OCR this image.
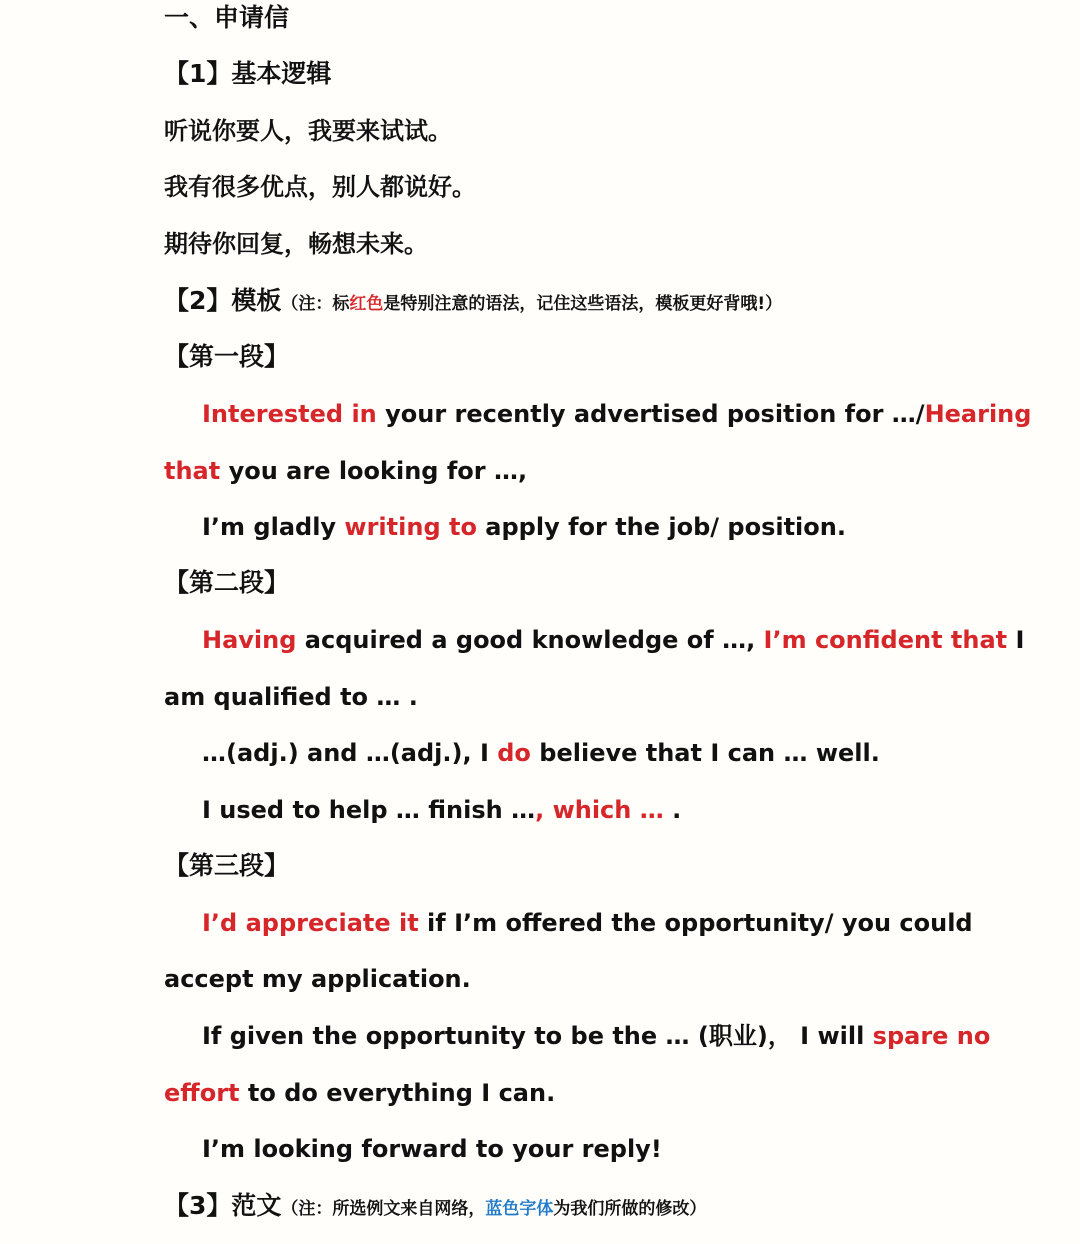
一、申请信

【1】基本逻辑

听说你要人，我要来试试。

我有很多优点，别人都说好。

期待你回复，畅想未来。

【2】模板（注：标红色是特别注意的语法，记住这些语法，模板更好背哦!）

【第一段】

Interested in your recently advertised position for …/Hearing

that you are looking for …,

I’m gladly writing to apply for the job/ position.

【第二段】

Having acquired a good knowledge of …, I’m confident that I

am qualified to … .

…(adj.) and …(adj.), I do believe that I can … well.

I used to help … finish …, which … .

【第三段】

I’d appreciate it if I’m offered the opportunity/ you could

accept my application.

If given the opportunity to be the … (职业)， I will spare no

effort to do everything I can.

I’m looking forward to your reply!

【3】范文（注：所选例文来自网络，蓝色字体为我们所做的修改）
